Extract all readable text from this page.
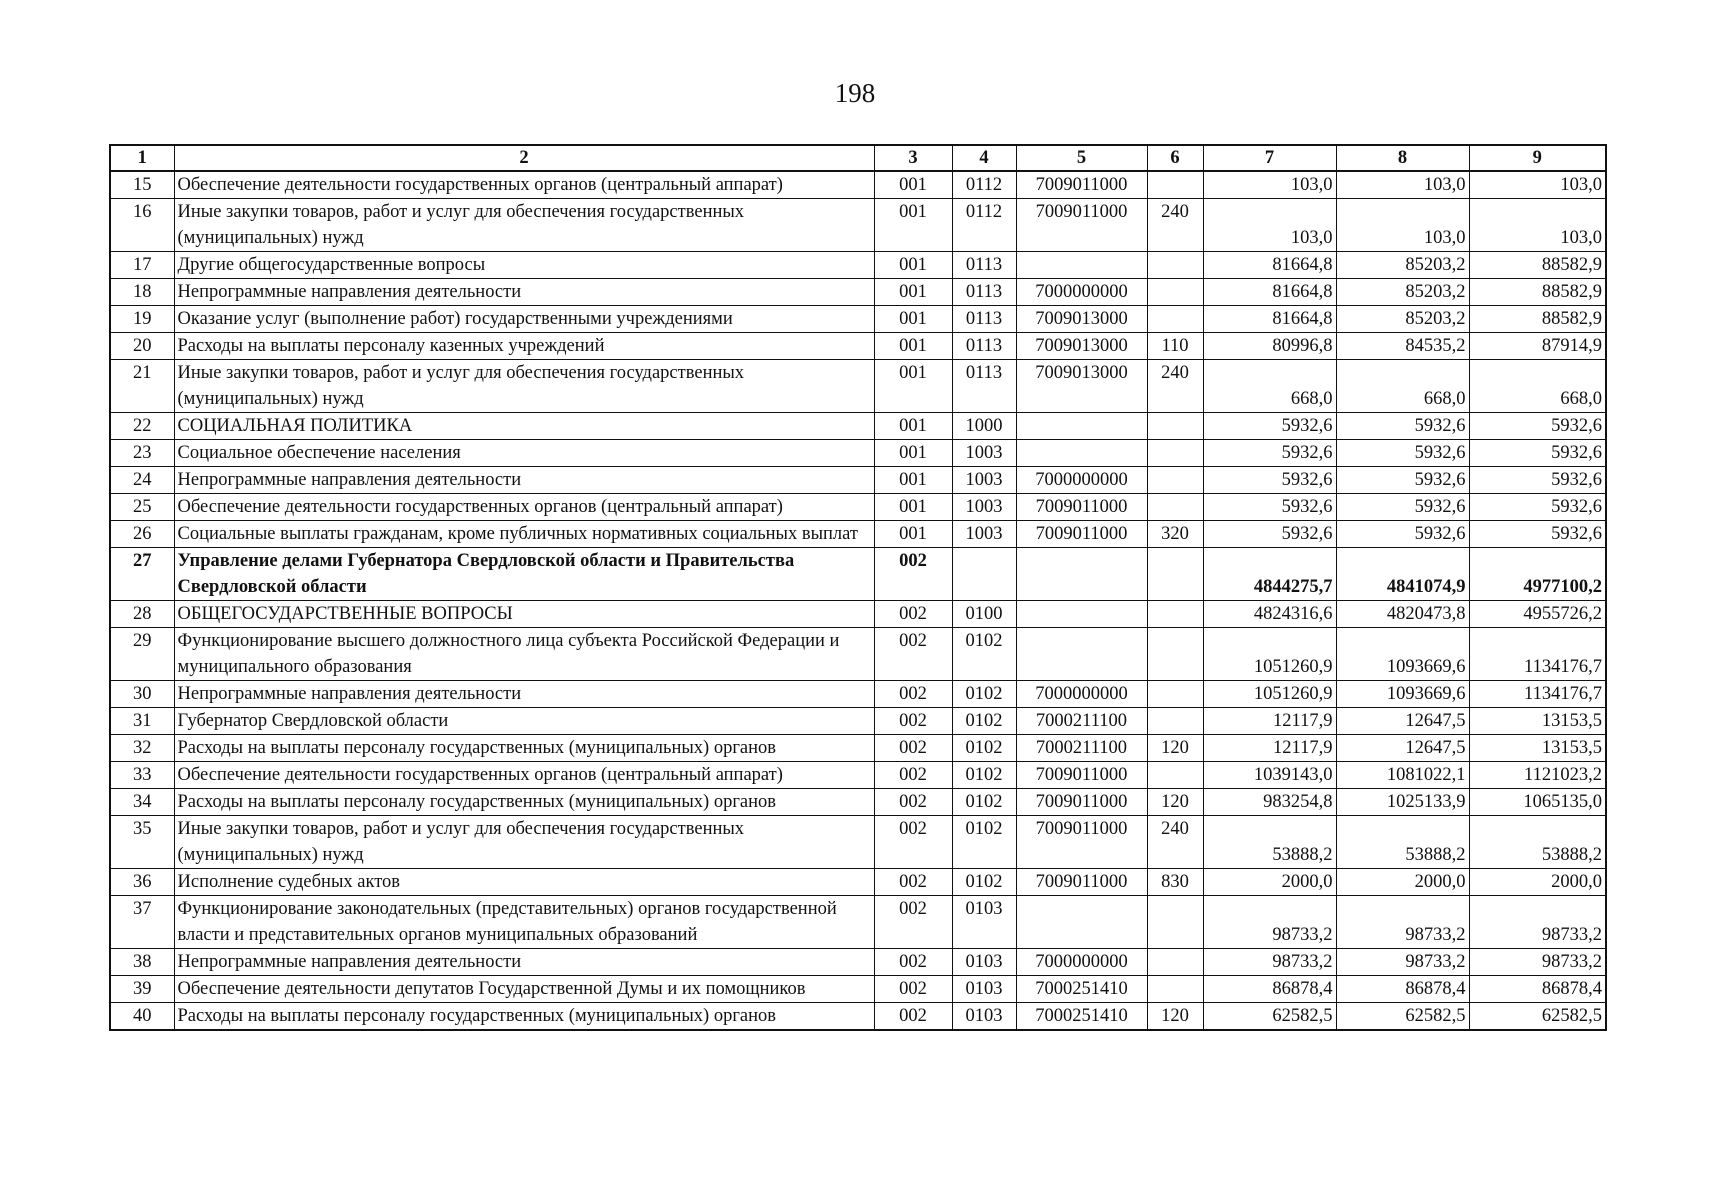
198
1	2	3	4	5	6	7	8	9
15	Обеспечение деятельности государственных органов (центральный аппарат)	001	0112	7009011000		103,0	103,0	103,0
16	Иные закупки товаров, работ и услуг для обеспечения государственных (муниципальных) нужд	001	0112	7009011000	240	103,0	103,0	103,0
17	Другие общегосударственные вопросы	001	0113			81664,8	85203,2	88582,9
18	Непрограммные направления деятельности	001	0113	7000000000		81664,8	85203,2	88582,9
19	Оказание услуг (выполнение работ) государственными учреждениями	001	0113	7009013000		81664,8	85203,2	88582,9
20	Расходы на выплаты персоналу казенных учреждений	001	0113	7009013000	110	80996,8	84535,2	87914,9
21	Иные закупки товаров, работ и услуг для обеспечения государственных (муниципальных) нужд	001	0113	7009013000	240	668,0	668,0	668,0
22	СОЦИАЛЬНАЯ ПОЛИТИКА	001	1000			5932,6	5932,6	5932,6
23	Социальное обеспечение населения	001	1003			5932,6	5932,6	5932,6
24	Непрограммные направления деятельности	001	1003	7000000000		5932,6	5932,6	5932,6
25	Обеспечение деятельности государственных органов (центральный аппарат)	001	1003	7009011000		5932,6	5932,6	5932,6
26	Социальные выплаты гражданам, кроме публичных нормативных социальных выплат	001	1003	7009011000	320	5932,6	5932,6	5932,6
27	Управление делами Губернатора Свердловской области и Правительства Свердловской области	002				4844275,7	4841074,9	4977100,2
28	ОБЩЕГОСУДАРСТВЕННЫЕ ВОПРОСЫ	002	0100			4824316,6	4820473,8	4955726,2
29	Функционирование высшего должностного лица субъекта Российской Федерации и муниципального образования	002	0102			1051260,9	1093669,6	1134176,7
30	Непрограммные направления деятельности	002	0102	7000000000		1051260,9	1093669,6	1134176,7
31	Губернатор Свердловской области	002	0102	7000211100		12117,9	12647,5	13153,5
32	Расходы на выплаты персоналу государственных (муниципальных) органов	002	0102	7000211100	120	12117,9	12647,5	13153,5
33	Обеспечение деятельности государственных органов (центральный аппарат)	002	0102	7009011000		1039143,0	1081022,1	1121023,2
34	Расходы на выплаты персоналу государственных (муниципальных) органов	002	0102	7009011000	120	983254,8	1025133,9	1065135,0
35	Иные закупки товаров, работ и услуг для обеспечения государственных (муниципальных) нужд	002	0102	7009011000	240	53888,2	53888,2	53888,2
36	Исполнение судебных актов	002	0102	7009011000	830	2000,0	2000,0	2000,0
37	Функционирование законодательных (представительных) органов государственной власти и представительных органов муниципальных образований	002	0103			98733,2	98733,2	98733,2
38	Непрограммные направления деятельности	002	0103	7000000000		98733,2	98733,2	98733,2
39	Обеспечение деятельности депутатов Государственной Думы и их помощников	002	0103	7000251410		86878,4	86878,4	86878,4
40	Расходы на выплаты персоналу государственных (муниципальных) органов	002	0103	7000251410	120	62582,5	62582,5	62582,5
